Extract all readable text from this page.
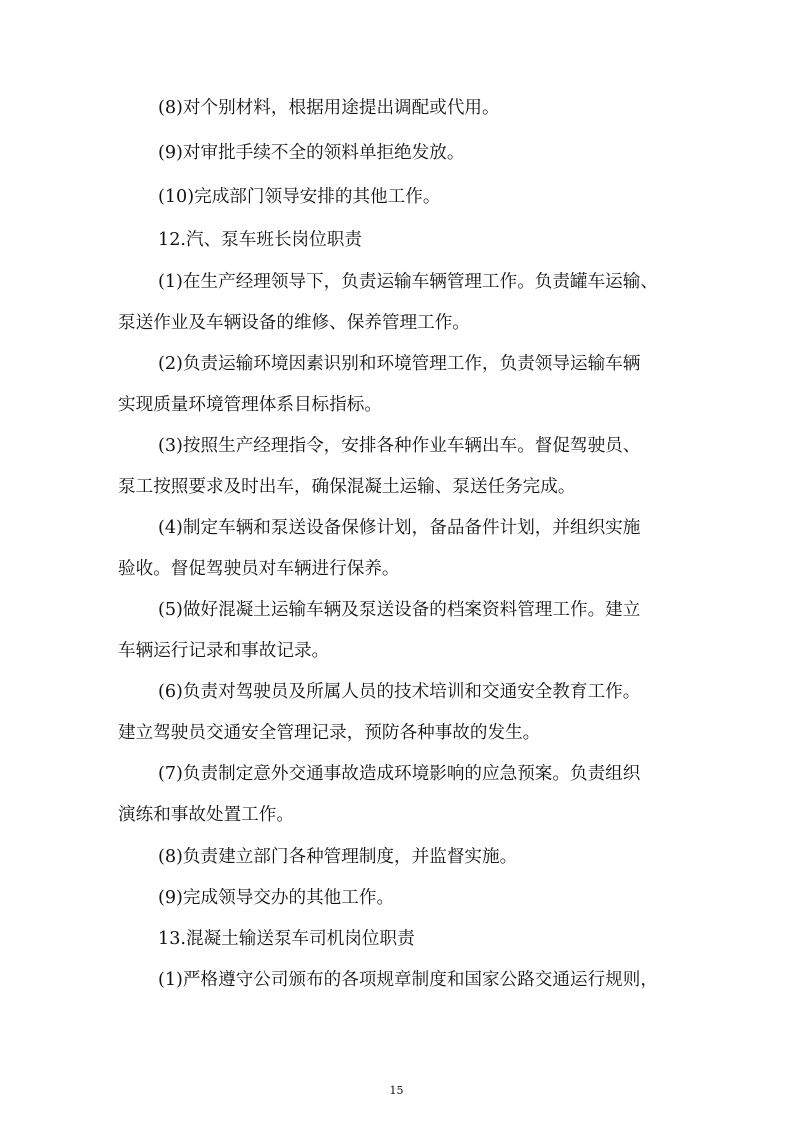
(8)对个别材料，根据用途提出调配或代用。
(9)对审批手续不全的领料单拒绝发放。
(10)完成部门领导安排的其他工作。
12.汽、泵车班长岗位职责
(1)在生产经理领导下，负责运输车辆管理工作。负责罐车运输、
泵送作业及车辆设备的维修、保养管理工作。
(2)负责运输环境因素识别和环境管理工作，负责领导运输车辆
实现质量环境管理体系目标指标。
(3)按照生产经理指令，安排各种作业车辆出车。督促驾驶员、
泵工按照要求及时出车，确保混凝土运输、泵送任务完成。
(4)制定车辆和泵送设备保修计划，备品备件计划，并组织实施
验收。督促驾驶员对车辆进行保养。
(5)做好混凝土运输车辆及泵送设备的档案资料管理工作。建立
车辆运行记录和事故记录。
(6)负责对驾驶员及所属人员的技术培训和交通安全教育工作。
建立驾驶员交通安全管理记录，预防各种事故的发生。
(7)负责制定意外交通事故造成环境影响的应急预案。负责组织
演练和事故处置工作。
(8)负责建立部门各种管理制度，并监督实施。
(9)完成领导交办的其他工作。
13.混凝土输送泵车司机岗位职责
(1)严格遵守公司颁布的各项规章制度和国家公路交通运行规则，
15
